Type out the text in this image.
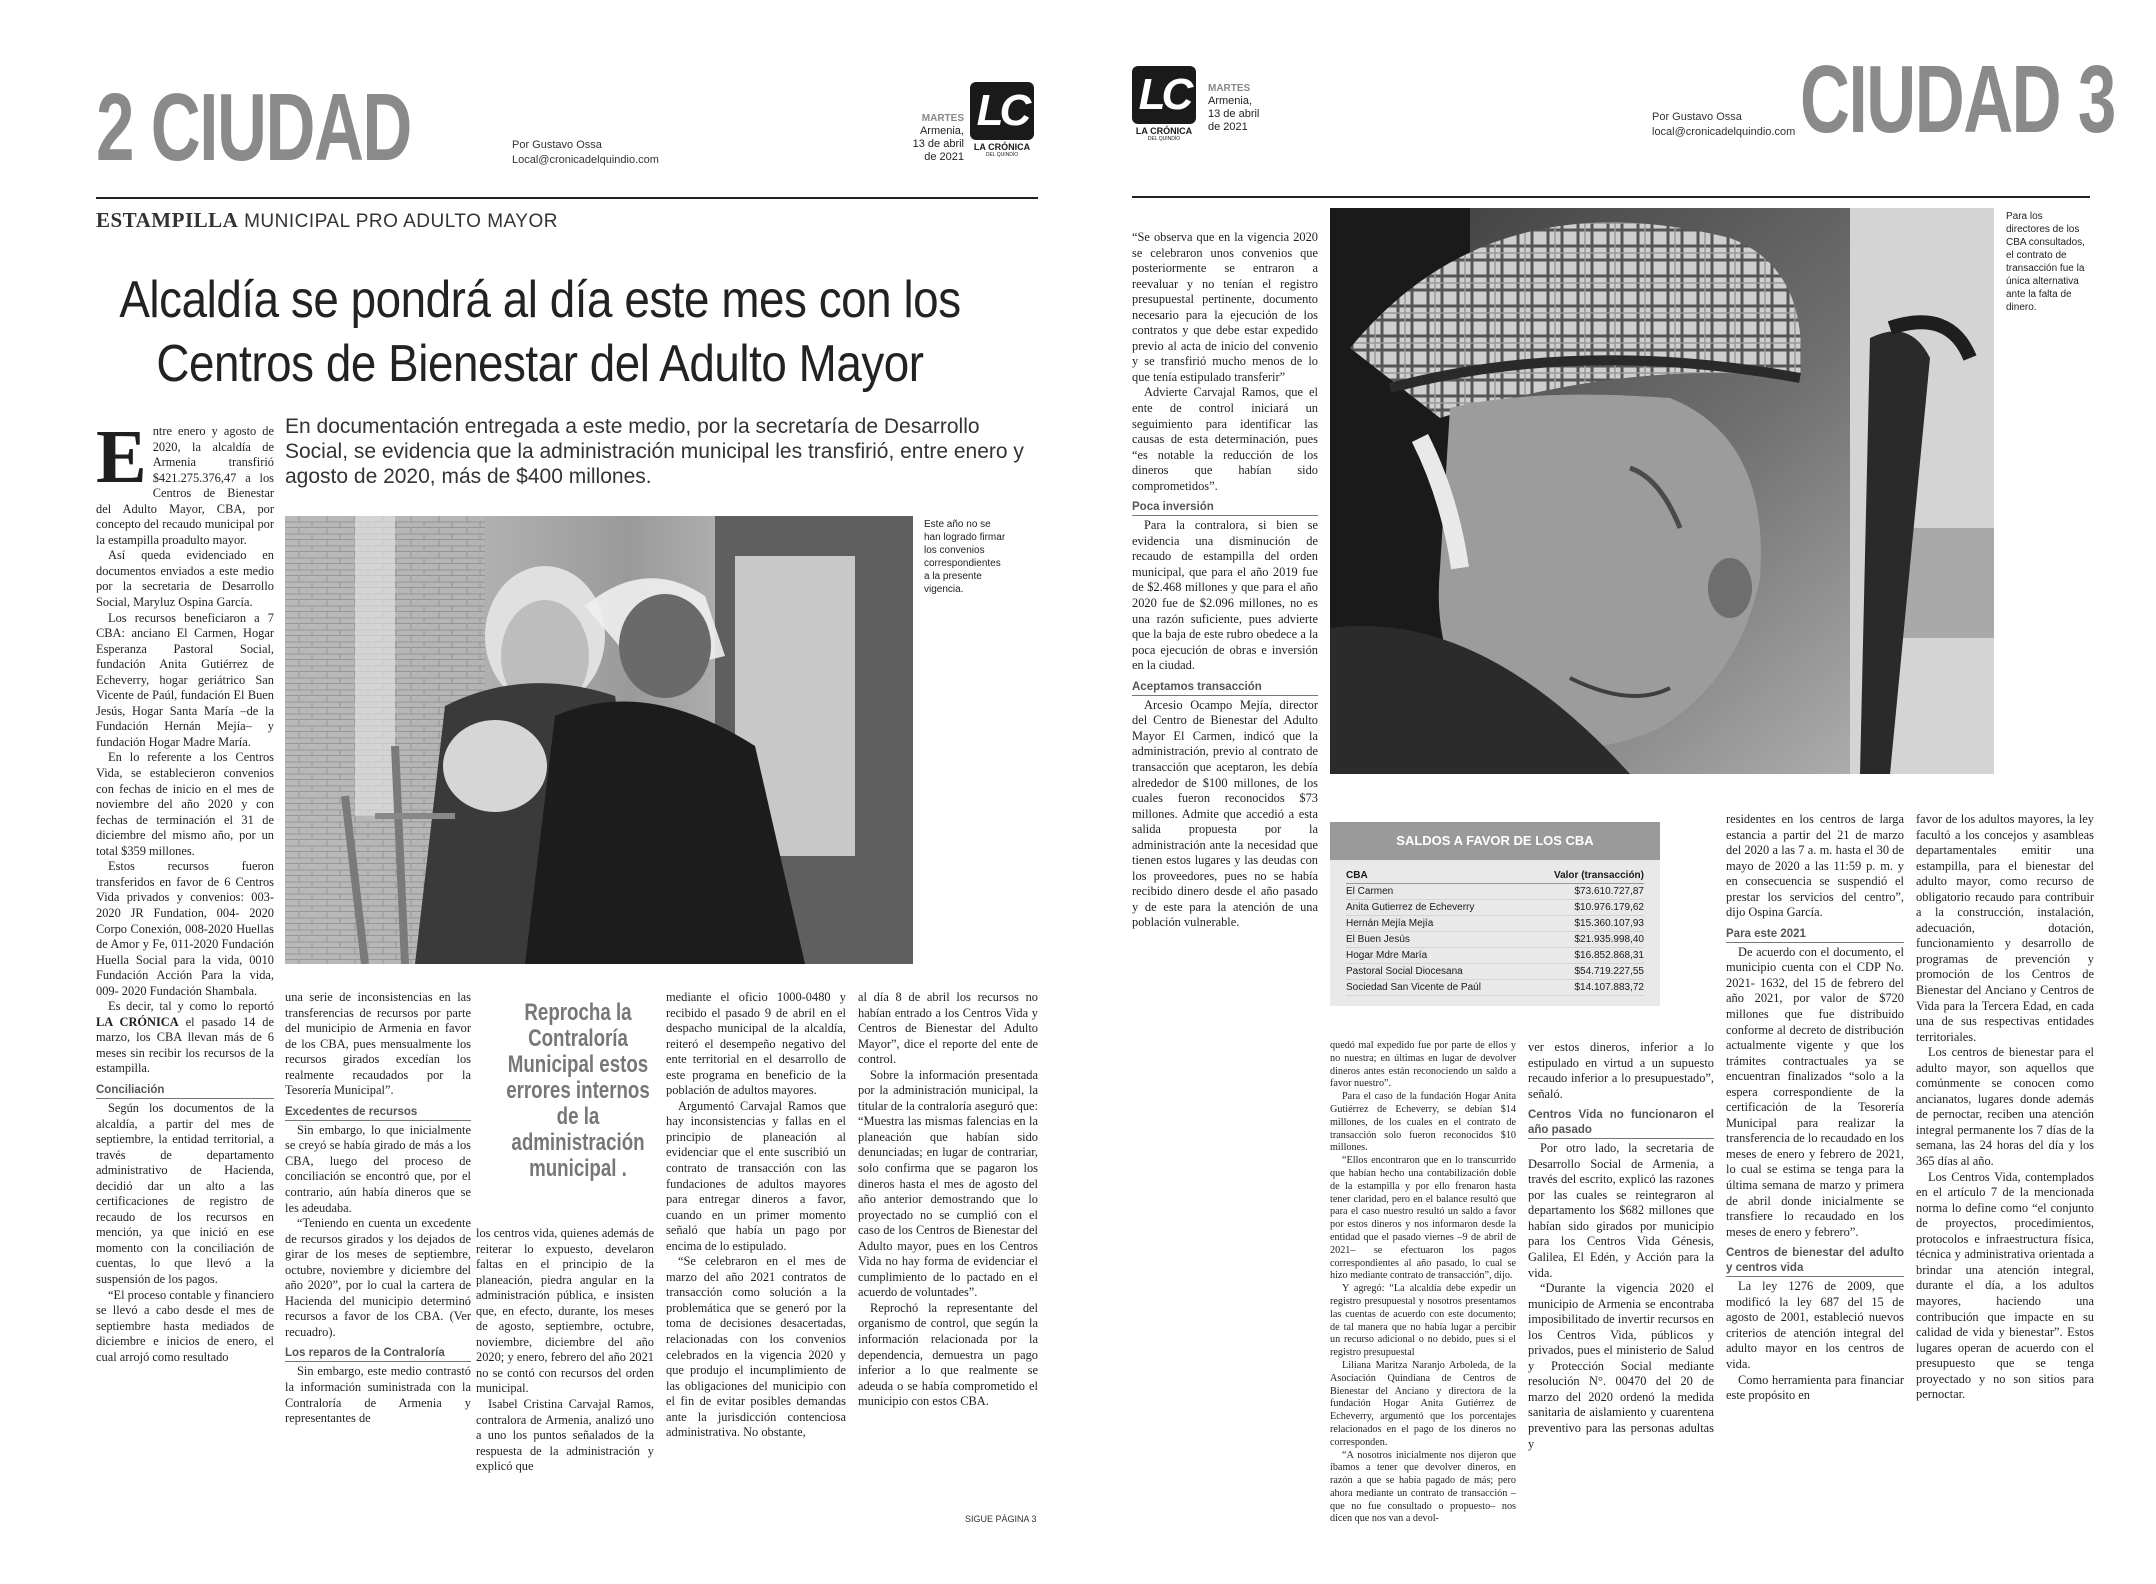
2 CIUDAD	Por Gustavo Ossa
Local@cronicadelquindio.com
MARTES
Armenia,
13 de abril
de 2021
LC
LA CRÓNICA
DEL QUINDÍO
ESTAMPILLA MUNICIPAL PRO ADULTO MAYOR
Alcaldía se pondrá al día este mes con los
Centros de Bienestar del Adulto Mayor
En documentación entregada a este medio, por la secretaría de Desarrollo Social, se evidencia que la administración municipal les transfirió, entre enero y agosto de 2020, más de $400 millones.

Entre enero y agosto de 2020, la alcaldía de Armenia transfirió $421.275.376,47 a los Centros de Bienestar del Adulto Mayor, CBA, por concepto del recaudo municipal por la estampilla proadulto mayor.

Así queda evidenciado en documentos enviados a este medio por la secretaria de Desarrollo Social, Maryluz Ospina García.

Los recursos beneficiaron a 7 CBA: anciano El Carmen, Hogar Esperanza Pastoral Social, fundación Anita Gutiérrez de Echeverry, hogar geriátrico San Vicente de Paúl, fundación El Buen Jesús, Hogar Santa María –de la Fundación Hernán Mejía– y fundación Hogar Madre María.

En lo referente a los Centros Vida, se establecieron convenios con fechas de inicio en el mes de noviembre del año 2020 y con fechas de terminación el 31 de diciembre del mismo año, por un total $359 millones.

Estos recursos fueron transferidos en favor de 6 Centros Vida privados y convenios: 003-2020 JR Fundation, 004- 2020 Corpo Conexión, 008-2020 Huellas de Amor y Fe, 011-2020 Fundación Huella Social para la vida, 0010 Fundación Acción Para la vida, 009- 2020 Fundación Shambala.

Es decir, tal y como lo reportó LA CRÓNICA el pasado 14 de marzo, los CBA llevan más de 6 meses sin recibir los recursos de la estampilla.

Conciliación

Según los documentos de la alcaldía, a partir del mes de septiembre, la entidad territorial, a través de departamento administrativo de Hacienda, decidió dar un alto a las certificaciones de registro de recaudo de los recursos en mención, ya que inició en ese momento con la conciliación de cuentas, lo que llevó a la suspensión de los pagos.

“El proceso contable y financiero se llevó a cabo desde el mes de septiembre hasta mediados de diciembre e inicios de enero, el cual arrojó como resultado

Este año no se han logrado firmar los convenios correspondientes a la presente vigencia.

una serie de inconsistencias en las transferencias de recursos por parte del municipio de Armenia en favor de los CBA, pues mensualmente los recursos girados excedían los realmente recaudados por la Tesorería Municipal”.

Excedentes de recursos

Sin embargo, lo que inicialmente se creyó se había girado de más a los CBA, luego del proceso de conciliación se encontró que, por el contrario, aún había dineros que se les adeudaba.

“Teniendo en cuenta un excedente de recursos girados y los dejados de girar de los meses de septiembre, octubre, noviembre y diciembre del año 2020”, por lo cual la cartera de Hacienda del municipio determinó recursos a favor de los CBA. (Ver recuadro).

Los reparos de la Contraloría

Sin embargo, este medio contrastó la información suministrada con la Contraloría de Armenia y representantes de

Reprocha la Contraloría Municipal estos errores internos de la administración municipal .

los centros vida, quienes además de reiterar lo expuesto, develaron faltas en el principio de la planeación, piedra angular en la administración pública, e insisten que, en efecto, durante, los meses de agosto, septiembre, octubre, noviembre, diciembre del año 2020; y enero, febrero del año 2021 no se contó con recursos del orden municipal.

Isabel Cristina Carvajal Ramos, contralora de Armenia, analizó uno a uno los puntos señalados de la respuesta de la administración y explicó que

mediante el oficio 1000-0480 y recibido el pasado 9 de abril en el despacho municipal de la alcaldía, reiteró el desempeño negativo del ente territorial en el desarrollo de este programa en beneficio de la población de adultos mayores.

Argumentó Carvajal Ramos que hay inconsistencias y fallas en el principio de planeación al evidenciar que el ente suscribió un contrato de transacción con las fundaciones de adultos mayores para entregar dineros a favor, cuando en un primer momento señaló que había un pago por encima de lo estipulado.

“Se celebraron en el mes de marzo del año 2021 contratos de transacción como solución a la problemática que se generó por la toma de decisiones desacertadas, relacionadas con los convenios celebrados en la vigencia 2020 y que produjo el incumplimiento de las obligaciones del municipio con el fin de evitar posibles demandas ante la jurisdicción contenciosa administrativa. No obstante,

al día 8 de abril los recursos no habían entrado a los Centros Vida y Centros de Bienestar del Adulto Mayor”, dice el reporte del ente de control.

Sobre la información presentada por la administración municipal, la titular de la contraloría aseguró que: “Muestra las mismas falencias en la planeación que habían sido denunciadas; en lugar de contrariar, solo confirma que se pagaron los dineros hasta el mes de agosto del año anterior demostrando que lo proyectado no se cumplió con el caso de los Centros de Bienestar del Adulto mayor, pues en los Centros Vida no hay forma de evidenciar el cumplimiento de lo pactado en el acuerdo de voluntades”.

Reprochó la representante del organismo de control, que según la información relacionada por la dependencia, demuestra un pago inferior a lo que realmente se adeuda o se había comprometido el municipio con estos CBA.

SIGUE PÁGINA 3
LC
LA CRÓNICA
DEL QUINDÍO
MARTES
Armenia,
13 de abril
de 2021
Por Gustavo Ossa
local@cronicadelquindio.com CIUDAD 3
Para los directores de los CBA consultados, el contrato de transacción fue la única alternativa ante la falta de dinero.

“Se observa que en la vigencia 2020 se celebraron unos convenios que posteriormente se entraron a reevaluar y no tenían el registro presupuestal pertinente, documento necesario para la ejecución de los contratos y que debe estar expedido previo al acta de inicio del convenio y se transfirió mucho menos de lo que tenía estipulado transferir”

Advierte Carvajal Ramos, que el ente de control iniciará un seguimiento para identificar las causas de esta determinación, pues “es notable la reducción de los dineros que habían sido comprometidos”.

Poca inversión

Para la contralora, si bien se evidencia una disminución de recaudo de estampilla del orden municipal, que para el año 2019 fue de $2.468 millones y que para el año 2020 fue de $2.096 millones, no es una razón suficiente, pues advierte que la baja de este rubro obedece a la poca ejecución de obras e inversión en la ciudad.

Aceptamos transacción

Arcesio Ocampo Mejía, director del Centro de Bienestar del Adulto Mayor El Carmen, indicó que la administración, previo al contrato de transacción que aceptaron, les debía alrededor de $100 millones, de los cuales fueron reconocidos $73 millones. Admite que accedió a esta salida propuesta por la administración ante la necesidad que tienen estos lugares y las deudas con los proveedores, pues no se había recibido dinero desde el año pasado y de este para la atención de una población vulnerable.

SALDOS A FAVOR DE LOS CBA
CBA	Valor (transacción)
El Carmen	$73.610.727,87
Anita Gutierrez de Echeverry	$10.976.179,62
Hernán Mejía Mejía	$15.360.107,93
El Buen Jesús	$21.935.998,40
Hogar Mdre María	$16.852.868,31
Pastoral Social Diocesana	$54.719.227,55
Sociedad San Vicente de Paúl	$14.107.883,72

quedó mal expedido fue por parte de ellos y no nuestra; en últimas en lugar de devolver dineros antes están reconociendo un saldo a favor nuestro”.

Para el caso de la fundación Hogar Anita Gutiérrez de Echeverry, se debían $14 millones, de los cuales en el contrato de transacción solo fueron reconocidos $10 millones.

“Ellos encontraron que en lo transcurrido que habían hecho una contabilización doble de la estampilla y por ello frenaron hasta tener claridad, pero en el balance resultó que para el caso nuestro resultó un saldo a favor por estos dineros y nos informaron desde la entidad que el pasado viernes –9 de abril de 2021– se efectuaron los pagos correspondientes al año pasado, lo cual se hizo mediante contrato de transacción”, dijo.

Y agregó: “La alcaldía debe expedir un registro presupuestal y nosotros presentamos las cuentas de acuerdo con este documento; de tal manera que no había lugar a percibir un recurso adicional o no debido, pues si el registro presupuestal

Liliana Maritza Naranjo Arboleda, de la Asociación Quindiana de Centros de Bienestar del Anciano y directora de la fundación Hogar Anita Gutiérrez de Echeverry, argumentó que los porcentajes relacionados en el pago de los dineros no corresponden.

“A nosotros inicialmente nos dijeron que íbamos a tener que devolver dineros, en razón a que se había pagado de más; pero ahora mediante un contrato de transacción –que no fue consultado o propuesto– nos dicen que nos van a devol-

ver estos dineros, inferior a lo estipulado en virtud a un supuesto recaudo inferior a lo presupuestado”, señaló.

Centros Vida no funcionaron el año pasado

Por otro lado, la secretaria de Desarrollo Social de Armenia, a través del escrito, explicó las razones por las cuales se reintegraron al departamento los $682 millones que habían sido girados por municipio para los Centros Vida Génesis, Galilea, El Edén, y Acción para la vida.

“Durante la vigencia 2020 el municipio de Armenia se encontraba imposibilitado de invertir recursos en los Centros Vida, públicos y privados, pues el ministerio de Salud y Protección Social mediante resolución N°. 00470 del 20 de marzo del 2020 ordenó la medida sanitaria de aislamiento y cuarentena preventivo para las personas adultas y

residentes en los centros de larga estancia a partir del 21 de marzo del 2020 a las 7 a. m. hasta el 30 de mayo de 2020 a las 11:59 p. m. y en consecuencia se suspendió el prestar los servicios del centro”, dijo Ospina García.

Para este 2021

De acuerdo con el documento, el municipio cuenta con el CDP No. 2021- 1632, del 15 de febrero del año 2021, por valor de $720 millones que fue distribuido conforme al decreto de distribución actualmente vigente y que los trámites contractuales ya se encuentran finalizados “solo a la espera correspondiente de la certificación de la Tesorería Municipal para realizar la transferencia de lo recaudado en los meses de enero y febrero de 2021, lo cual se estima se tenga para la última semana de marzo y primera de abril donde inicialmente se transfiere lo recaudado en los meses de enero y febrero”.

Centros de bienestar del adulto y centros vida

La ley 1276 de 2009, que modificó la ley 687 del 15 de agosto de 2001, estableció nuevos criterios de atención integral del adulto mayor en los centros de vida.

Como herramienta para financiar este propósito en

favor de los adultos mayores, la ley facultó a los concejos y asambleas departamentales emitir una estampilla, para el bienestar del adulto mayor, como recurso de obligatorio recaudo para contribuir a la construcción, instalación, adecuación, dotación, funcionamiento y desarrollo de programas de prevención y promoción de los Centros de Bienestar del Anciano y Centros de Vida para la Tercera Edad, en cada una de sus respectivas entidades territoriales.

Los centros de bienestar para el adulto mayor, son aquellos que comúnmente se conocen como ancianatos, lugares donde además de pernoctar, reciben una atención integral permanente los 7 días de la semana, las 24 horas del día y los 365 días al año.

Los Centros Vida, contemplados en el artículo 7 de la mencionada norma lo define como “el conjunto de proyectos, procedimientos, protocolos e infraestructura física, técnica y administrativa orientada a brindar una atención integral, durante el día, a los adultos mayores, haciendo una contribución que impacte en su calidad de vida y bienestar”. Estos lugares operan de acuerdo con el presupuesto que se tenga proyectado y no son sitios para pernoctar.
